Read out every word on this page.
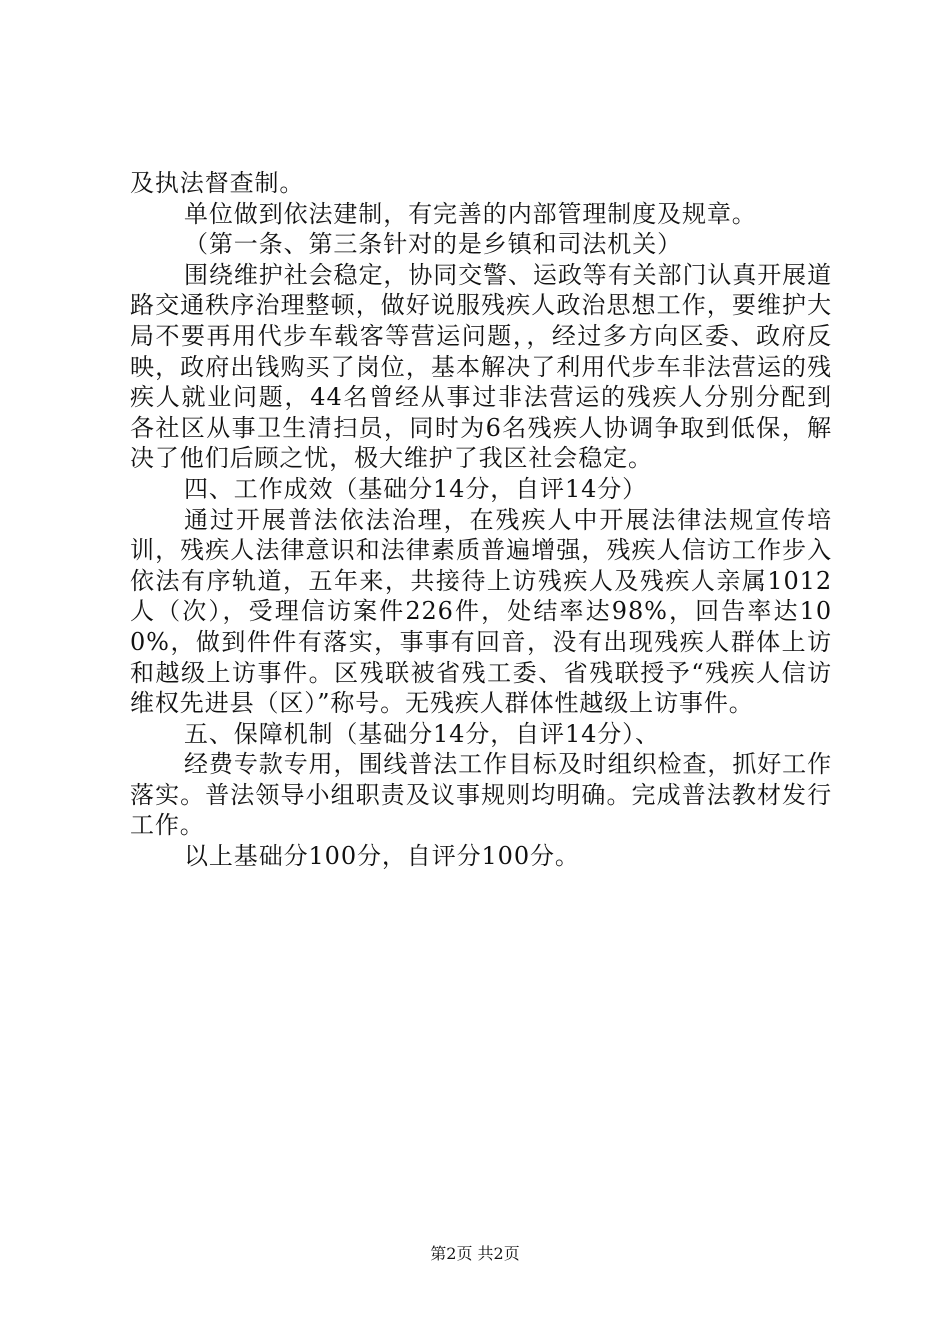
及执法督查制。

单位做到依法建制，有完善的内部管理制度及规章。

（第一条、第三条针对的是乡镇和司法机关）

围绕维护社会稳定，协同交警、运政等有关部门认真开展道路交通秩序治理整顿，做好说服残疾人政治思想工作，要维护大局不要再用代步车载客等营运问题，，经过多方向区委、政府反映，政府出钱购买了岗位，基本解决了利用代步车非法营运的残疾人就业问题，44名曾经从事过非法营运的残疾人分别分配到各社区从事卫生清扫员，同时为6名残疾人协调争取到低保，解决了他们后顾之忧，极大维护了我区社会稳定。

四、工作成效（基础分14分，自评14分）

通过开展普法依法治理，在残疾人中开展法律法规宣传培训，残疾人法律意识和法律素质普遍增强，残疾人信访工作步入依法有序轨道，五年来，共接待上访残疾人及残疾人亲属1012人（次），受理信访案件226件，处结率达98%，回告率达100%，做到件件有落实，事事有回音，没有出现残疾人群体上访和越级上访事件。区残联被省残工委、省残联授予“残疾人信访维权先进县（区）”称号。无残疾人群体性越级上访事件。

五、保障机制（基础分14分，自评14分）、

经费专款专用，围线普法工作目标及时组织检查，抓好工作落实。普法领导小组职责及议事规则均明确。完成普法教材发行工作。

以上基础分100分，自评分100分。

第2页 共2页
